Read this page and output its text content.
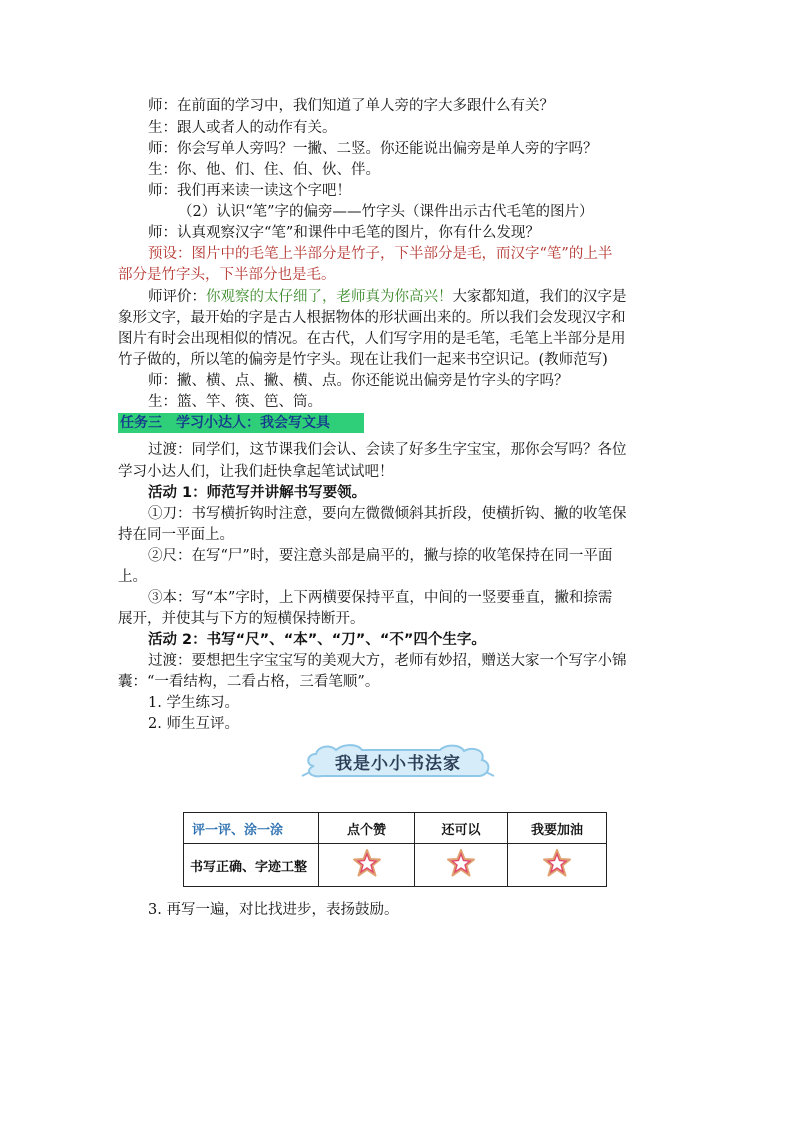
师：在前面的学习中，我们知道了单人旁的字大多跟什么有关？
生：跟人或者人的动作有关。
师：你会写单人旁吗？一撇、二竖。你还能说出偏旁是单人旁的字吗？
生：你、他、们、住、伯、伙、伴。
师：我们再来读一读这个字吧！
（2）认识“笔”字的偏旁——竹字头（课件出示古代毛笔的图片）
师：认真观察汉字“笔”和课件中毛笔的图片，你有什么发现？
预设：图片中的毛笔上半部分是竹子，下半部分是毛，而汉字“笔”的上半
部分是竹字头，下半部分也是毛。
师评价：你观察的太仔细了，老师真为你高兴！大家都知道，我们的汉字是
象形文字，最开始的字是古人根据物体的形状画出来的。所以我们会发现汉字和
图片有时会出现相似的情况。在古代，人们写字用的是毛笔，毛笔上半部分是用
竹子做的，所以笔的偏旁是竹字头。现在让我们一起来书空识记。(教师范写)
师：撇、横、点、撇、横、点。你还能说出偏旁是竹字头的字吗？
生：篮、竿、筷、笆、筒。
任务三　学习小达人：我会写文具
过渡：同学们，这节课我们会认、会读了好多生字宝宝，那你会写吗？各位
学习小达人们，让我们赶快拿起笔试试吧！
活动 1：师范写并讲解书写要领。
①刀：书写横折钩时注意，要向左微微倾斜其折段，使横折钩、撇的收笔保
持在同一平面上。
②尺：在写“尸”时，要注意头部是扁平的，撇与捺的收笔保持在同一平面
上。
③本：写“本”字时，上下两横要保持平直，中间的一竖要垂直，撇和捺需
展开，并使其与下方的短横保持断开。
活动 2：书写“尺”、“本”、“刀”、“不”四个生字。
过渡：要想把生字宝宝写的美观大方，老师有妙招，赠送大家一个写字小锦
囊：“一看结构，二看占格，三看笔顺”。
1. 学生练习。
2. 师生互评。
我是小小书法家
评一评、涂一涂	点个赞	还可以	我要加油
书写正确、字迹工整			
3. 再写一遍，对比找进步，表扬鼓励。
